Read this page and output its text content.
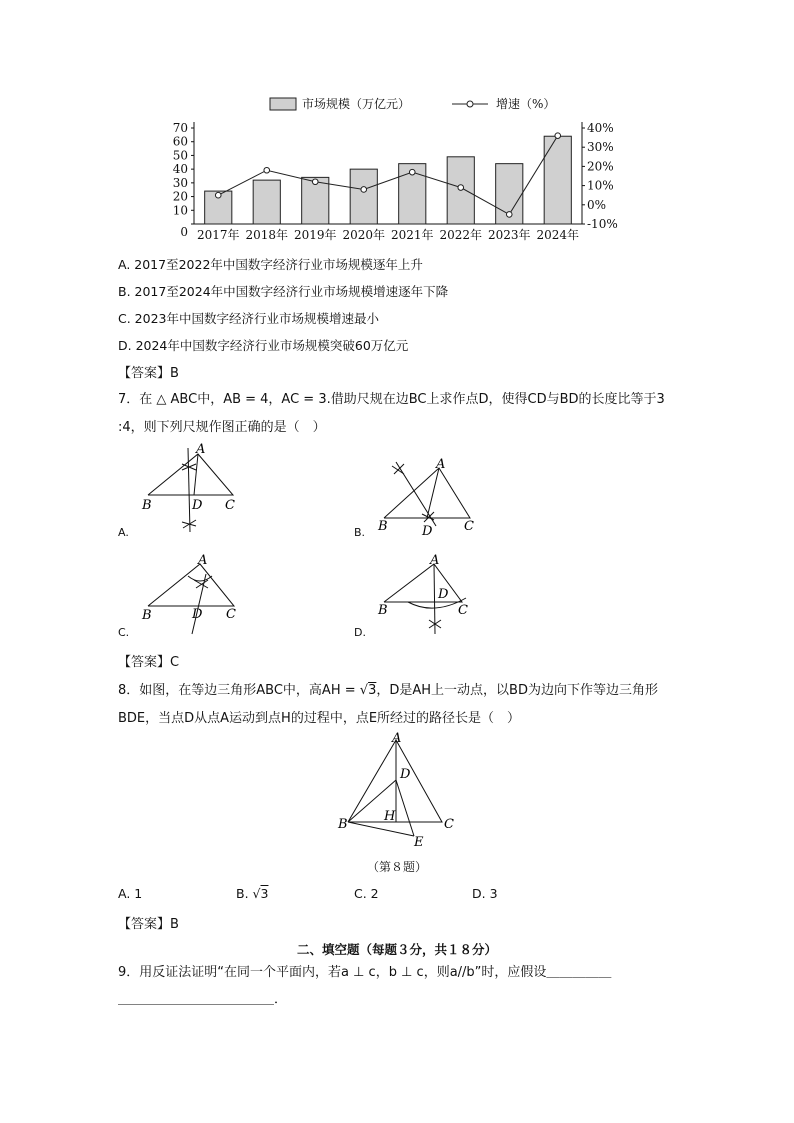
市场规模（万亿元）	增速（%）
0
10
20
30
40
50
60
70
-10%
0%
10%
20%
30%
40%
2017年 2018年 2019年 2020年 2021年 2022年 2023年 2024年
A. 2017至2022年中国数字经济行业市场规模逐年上升
B. 2017至2024年中国数字经济行业市场规模增速逐年下降
C. 2023年中国数字经济行业市场规模增速最小
D. 2024年中国数字经济行业市场规模突破60万亿元
【答案】B
7．在 △ ABC中，AB = 4，AC = 3.借助尺规在边BC上求作点D，使得CD与BD的长度比等于3
:4，则下列尺规作图正确的是（　）
A
B	D C
A.
A
B	D C
B.
A
B	D C
C.
A
B
D
C
D.
【答案】C
8．如图，在等边三角形ABC中，高AH = √3，D是AH上一动点，以BD为边向下作等边三角形
BDE，当点D从点A运动到点H的过程中，点E所经过的路径长是（　）
A
D
H
B	C
E
（第８题）
A. 1	B. √3	C. 2	D. 3
【答案】B
二、填空题（每题３分，共１８分）
9．用反证法证明“在同一个平面内，若a ⊥ c，b ⊥ c，则a//b”时，应假设＿＿＿＿＿
＿＿＿＿＿＿＿＿＿＿＿＿．
